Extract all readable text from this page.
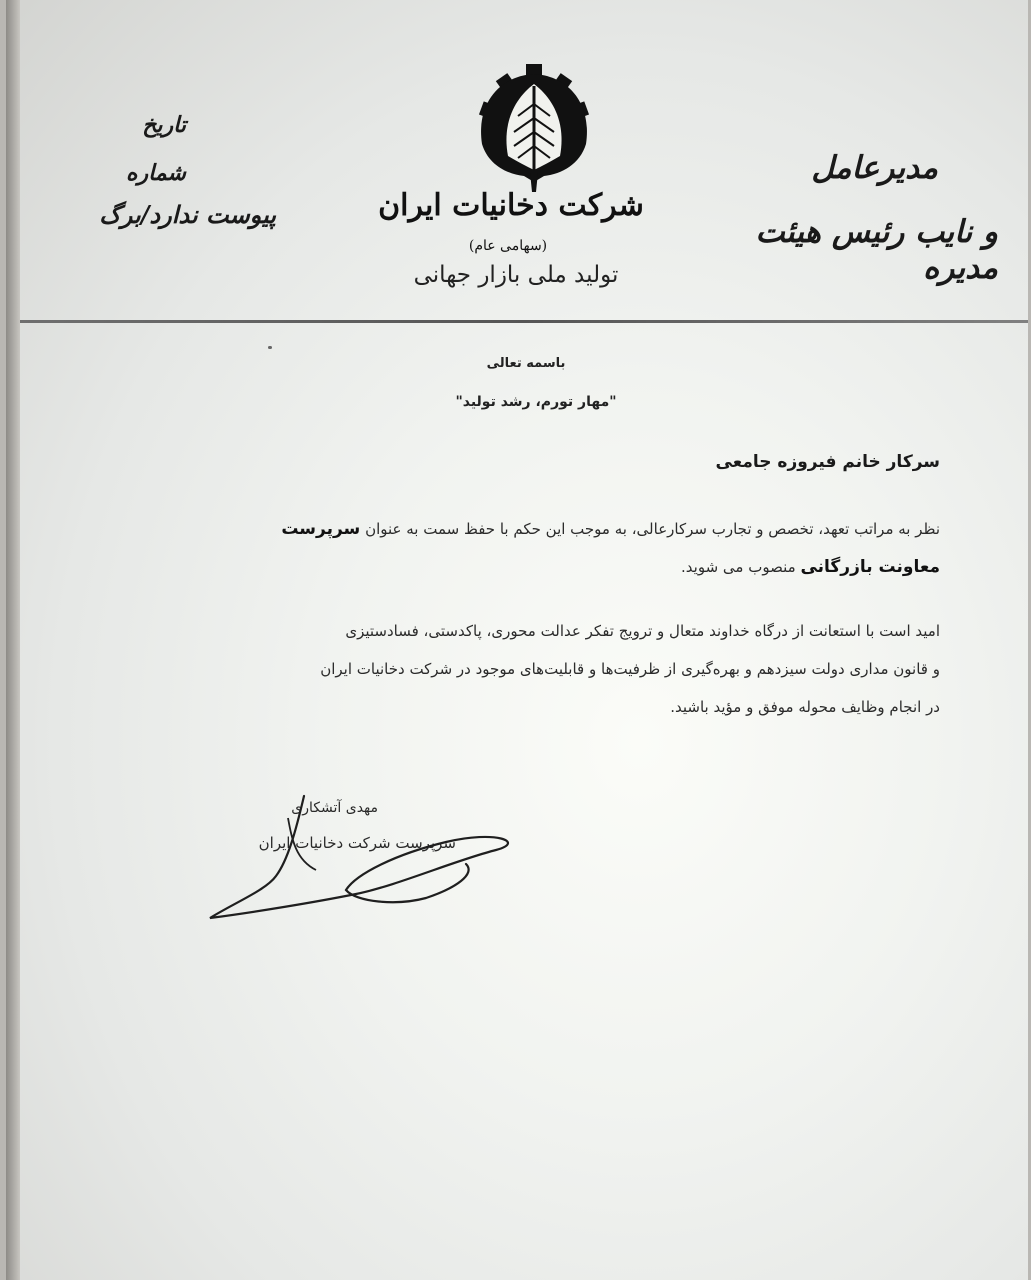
مدیرعامل
و نایب رئیس هیئت مدیره
تاریخ
شماره
پیوست ندارد/برگ	شرکت دخانیات ایران (سهامی عام)
تولید ملی بازار جهانی
باسمه تعالی
"مهار تورم، رشد تولید"
سرکار خانم فیروزه جامعی
نظر به مراتب تعهد، تخصص و تجارب سرکارعالی، به موجب این حکم با حفظ سمت به عنوان سرپرست
معاونت بازرگانی منصوب می شوید.
امید است با استعانت از درگاه خداوند متعال و ترویج تفکر عدالت محوری، پاکدستی، فسادستیزی
و قانون مداری دولت سیزدهم و بهره‌گیری از ظرفیت‌ها و قابلیت‌های موجود در شرکت دخانیات ایران
در انجام وظایف محوله موفق و مؤید باشید.
مهدی آتشکاری
سرپرست شرکت دخانیات ایران
